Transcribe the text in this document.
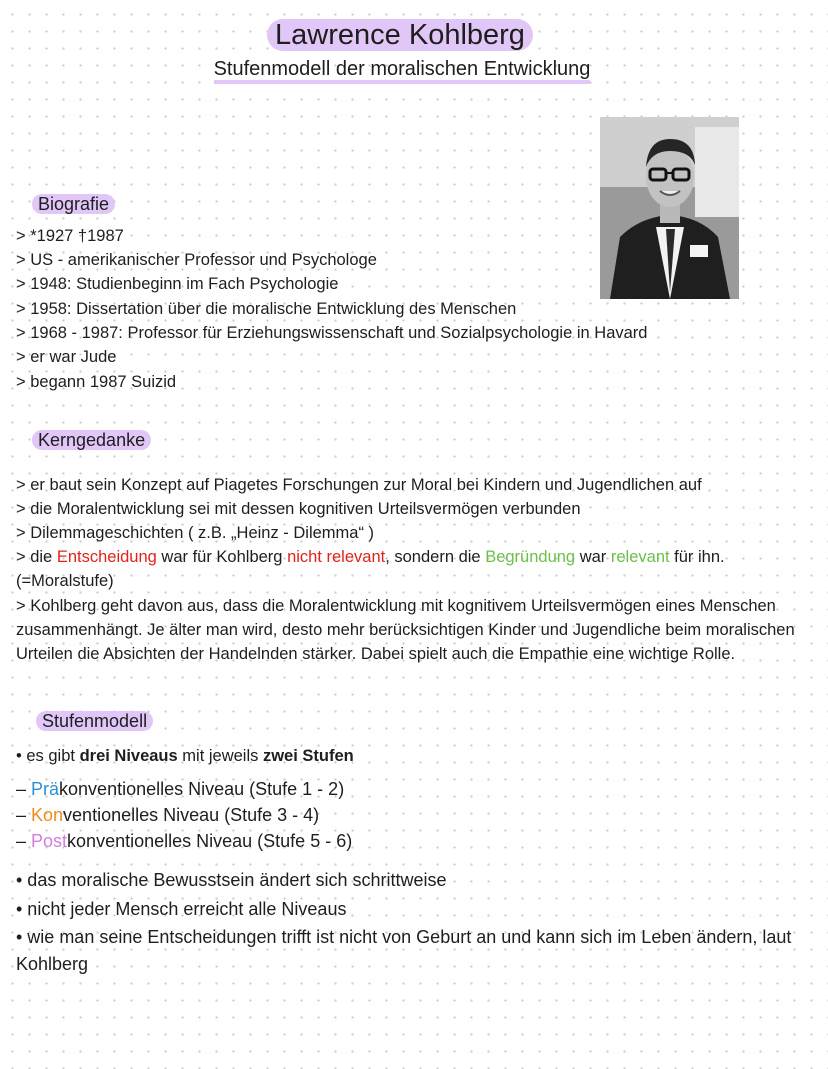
Lawrence Kohlberg
Stufenmodell der moralischen Entwicklung
Biografie
> *1927 †1987
> US - amerikanischer Professor und Psychologe
> 1948: Studienbeginn im Fach Psychologie
> 1958: Dissertation über die moralische Entwicklung des Menschen
> 1968 - 1987: Professor für Erziehungswissenschaft und Sozialpsychologie in Havard
> er war Jude
> begann 1987 Suizid
Kerngedanke
> er baut sein Konzept auf Piagetes Forschungen zur Moral bei Kindern und Jugendlichen auf
> die Moralentwicklung sei mit dessen kognitiven Urteilsvermögen verbunden
> Dilemmageschichten ( z.B. „Heinz - Dilemma“ )
> die Entscheidung war für Kohlberg nicht relevant, sondern die Begründung war relevant für ihn.
(=Moralstufe)
> Kohlberg geht davon aus, dass die Moralentwicklung mit kognitivem Urteilsvermögen eines Menschen zusammenhängt. Je älter man wird, desto mehr berücksichtigen Kinder und Jugendliche beim moralischen Urteilen die Absichten der Handelnden stärker. Dabei spielt auch die Empathie eine wichtige Rolle.
Stufenmodell
• es gibt drei Niveaus mit jeweils zwei Stufen
– Präkonventionelles Niveau (Stufe 1 - 2)
– Konventionelles Niveau (Stufe 3 - 4)
– Postkonventionelles Niveau (Stufe 5 - 6)
• das moralische Bewusstsein ändert sich schrittweise
• nicht jeder Mensch erreicht alle Niveaus
• wie man seine Entscheidungen trifft ist nicht von Geburt an und kann sich im Leben ändern, laut Kohlberg
